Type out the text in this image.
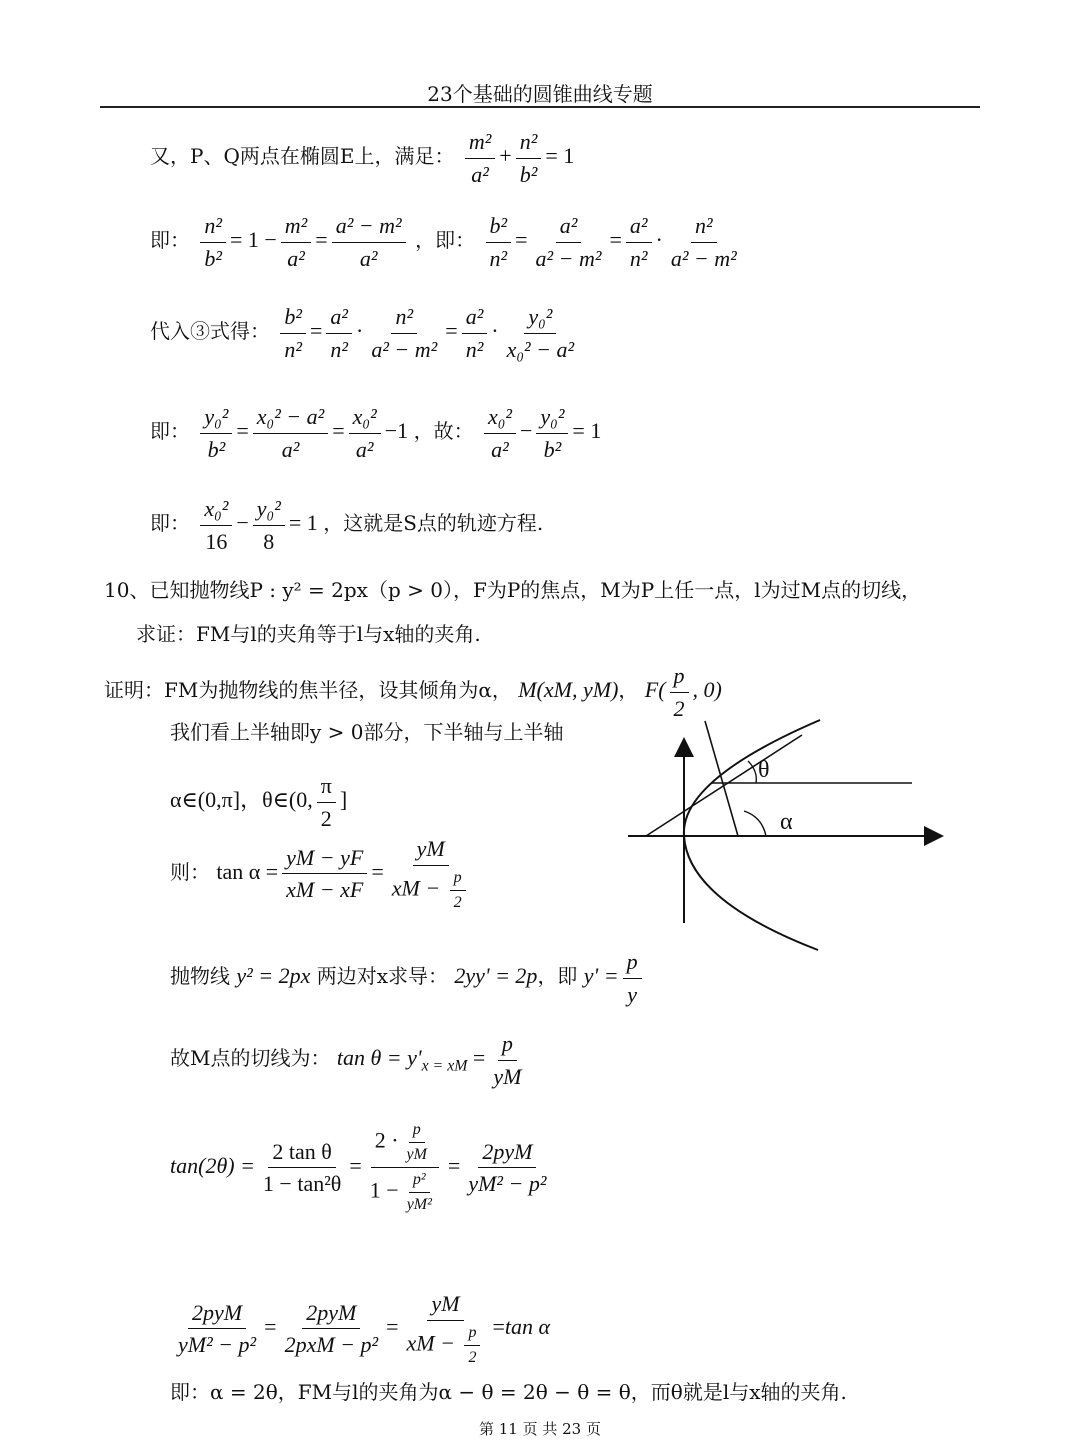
23个基础的圆锥曲线专题
又，P、Q两点在椭圆E上，满足： $\frac{\text{m²}}{\text{a²}} + \frac{\text{n²}}{\text{b²}} = 1$
即： $\frac{\text{n²}}{\text{b²}} = 1 - \frac{\text{m²}}{\text{a²}} = \frac{\text{a² − m²}}{\text{a²}}$ ，即： $\frac{\text{b²}}{\text{n²}} = \frac{\text{a²}}{\text{a² − m²}} = \frac{\text{a²}}{\text{n²}} \cdot \frac{\text{n²}}{\text{a² − m²}}$
代入③式得： $\frac{\text{b²}}{\text{n²}} = \frac{\text{a²}}{\text{n²}} \cdot \frac{\text{n²}}{\text{a² − m²}} = \frac{\text{a²}}{\text{n²}} \cdot \frac{\text{y₀²}}{\text{x₀² − a²}}$
即： $\frac{\text{y₀²}}{\text{b²}} = \frac{\text{x₀² − a²}}{\text{a²}} = \frac{\text{x₀²}}{\text{a²}} -1$ ，故： $\frac{\text{x₀²}}{\text{a²}} - \frac{\text{y₀²}}{\text{b²}} = 1$
即： $\frac{\text{x₀²}}{16} - \frac{\text{y₀²}}{8} = 1$ ，这就是S点的轨迹方程.
10、已知抛物线P : y² = 2px（p > 0），F为P的焦点，M为P上任一点，l为过M点的切线，
求证：FM与l的夹角等于l与x轴的夹角.
证明：FM为抛物线的焦半径，设其倾角为α， M(xM, yM)， $F( \frac{p}{2}$ , 0)
我们看上半轴即y > 0部分，下半轴与上半轴
α∈(0,π]，θ∈(0, $\frac{\pi}{2}$ ]
则： $\tan \alpha = \frac{yM - yF}{xM - xF} = \frac{yM}{xM - \frac{p}{2}}$
抛物线 y² = 2px 两边对x求导： 2yy' = 2p，即 $y' = \frac{p}{y}$
故M点的切线为： $\tan \theta = y'_{x = xM} = \frac{p}{yM}$
$\tan(2\theta) = \frac{\text{2 tan θ}}{\text{1 − tan²θ}} = \frac{2 \cdot \frac{p}{yM}}{1 - \frac{\text{p²}}{\text{yM²}}} = \frac{\text{2pyM}}{\text{yM² − p²}}$
$\frac{\text{2pyM}}{\text{yM² − p²}} = \frac{\text{2pyM}}{\text{2pxM − p²}} = \frac{yM}{xM - \frac{p}{2}} =\tan$ α
即：α = 2θ，FM与l的夹角为α − θ = 2θ − θ = θ，而θ就是l与x轴的夹角.
θ
α
第 11 页 共 23 页
